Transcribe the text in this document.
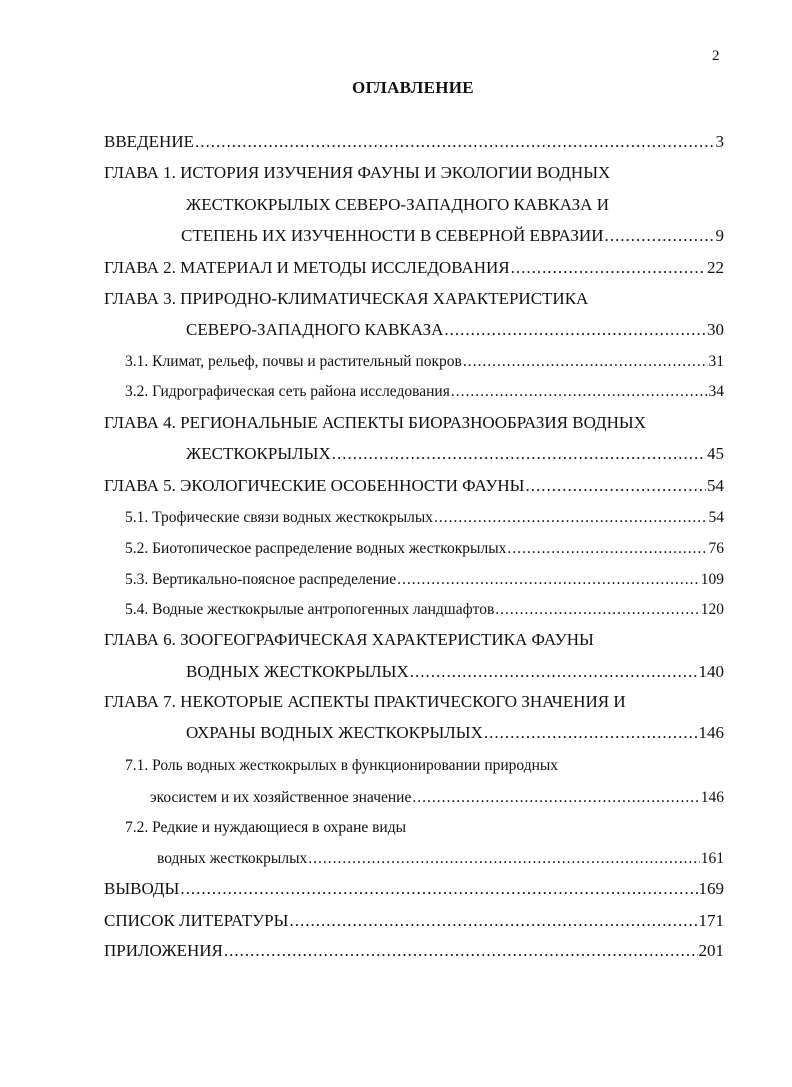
2
ОГЛАВЛЕНИЕ
ВВЕДЕНИЕ .....	3
ГЛАВА 1. ИСТОРИЯ ИЗУЧЕНИЯ ФАУНЫ И ЭКОЛОГИИ ВОДНЫХ
ЖЕСТКОКРЫЛЫХ СЕВЕРО-ЗАПАДНОГО КАВКАЗА И
СТЕПЕНЬ ИХ ИЗУЧЕННОСТИ В СЕВЕРНОЙ ЕВРАЗИИ .....	9
ГЛАВА 2. МАТЕРИАЛ И МЕТОДЫ ИССЛЕДОВАНИЯ .....	22
ГЛАВА 3. ПРИРОДНО-КЛИМАТИЧЕСКАЯ ХАРАКТЕРИСТИКА
СЕВЕРО-ЗАПАДНОГО КАВКАЗА .....	30
3.1. Климат, рельеф, почвы и растительный покров .....	31
3.2. Гидрографическая сеть района исследования .....	34
ГЛАВА 4. РЕГИОНАЛЬНЫЕ АСПЕКТЫ БИОРАЗНООБРАЗИЯ ВОДНЫХ
ЖЕСТКОКРЫЛЫХ .....	45
ГЛАВА 5. ЭКОЛОГИЧЕСКИЕ ОСОБЕННОСТИ ФАУНЫ .....	54
5.1. Трофические связи водных жесткокрылых .....	54
5.2. Биотопическое распределение водных жесткокрылых .....	76
5.3. Вертикально-поясное распределение .....	109
5.4. Водные жесткокрылые антропогенных ландшафтов .....	120
ГЛАВА 6. ЗООГЕОГРАФИЧЕСКАЯ ХАРАКТЕРИСТИКА ФАУНЫ
ВОДНЫХ ЖЕСТКОКРЫЛЫХ .....	140
ГЛАВА 7. НЕКОТОРЫЕ АСПЕКТЫ ПРАКТИЧЕСКОГО ЗНАЧЕНИЯ И
ОХРАНЫ ВОДНЫХ ЖЕСТКОКРЫЛЫХ .....	146
7.1. Роль водных жесткокрылых в функционировании природных
экосистем и их хозяйственное значение .....	146
7.2. Редкие и нуждающиеся в охране виды
водных жесткокрылых .....	161
ВЫВОДЫ .....	169
СПИСОК ЛИТЕРАТУРЫ .....	171
ПРИЛОЖЕНИЯ .....	201
